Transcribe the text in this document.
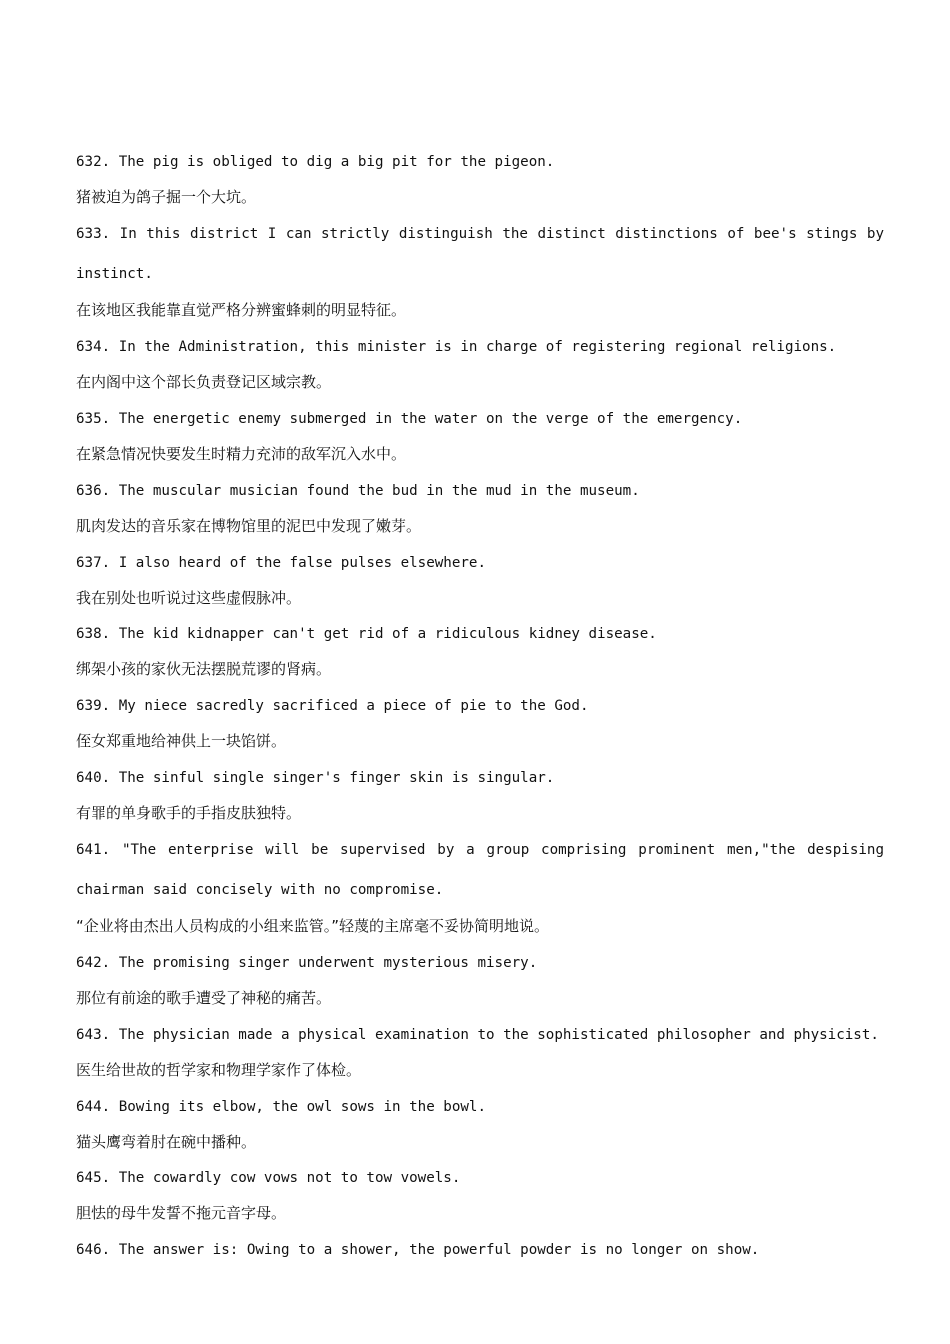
632. The pig is obliged to dig a big pit for the pigeon.
猪被迫为鸽子掘一个大坑。
633. In this district I can strictly distinguish the distinct distinctions of bee's stings by instinct.
在该地区我能靠直觉严格分辨蜜蜂刺的明显特征。
634. In the Administration, this minister is in charge of registering regional religions.
在内阁中这个部长负责登记区域宗教。
635. The energetic enemy submerged in the water on the verge of the emergency.
在紧急情况快要发生时精力充沛的敌军沉入水中。
636. The muscular musician found the bud in the mud in the museum.
肌肉发达的音乐家在博物馆里的泥巴中发现了嫩芽。
637. I also heard of the false pulses elsewhere.
我在别处也听说过这些虚假脉冲。
638. The kid kidnapper can't get rid of a ridiculous kidney disease.
绑架小孩的家伙无法摆脱荒谬的肾病。
639. My niece sacredly sacrificed a piece of pie to the God.
侄女郑重地给神供上一块馅饼。
640. The sinful single singer's finger skin is singular.
有罪的单身歌手的手指皮肤独特。
641. "The enterprise will be supervised by a group comprising prominent men,"the despising chairman said concisely with no compromise.
“企业将由杰出人员构成的小组来监管。”轻蔑的主席毫不妥协简明地说。
642. The promising singer underwent mysterious misery.
那位有前途的歌手遭受了神秘的痛苦。
643. The physician made a physical examination to the sophisticated philosopher and physicist.
医生给世故的哲学家和物理学家作了体检。
644. Bowing its elbow, the owl sows in the bowl.
猫头鹰弯着肘在碗中播种。
645. The cowardly cow vows not to tow vowels.
胆怯的母牛发誓不拖元音字母。
646. The answer is: Owing to a shower, the powerful powder is no longer on show.
